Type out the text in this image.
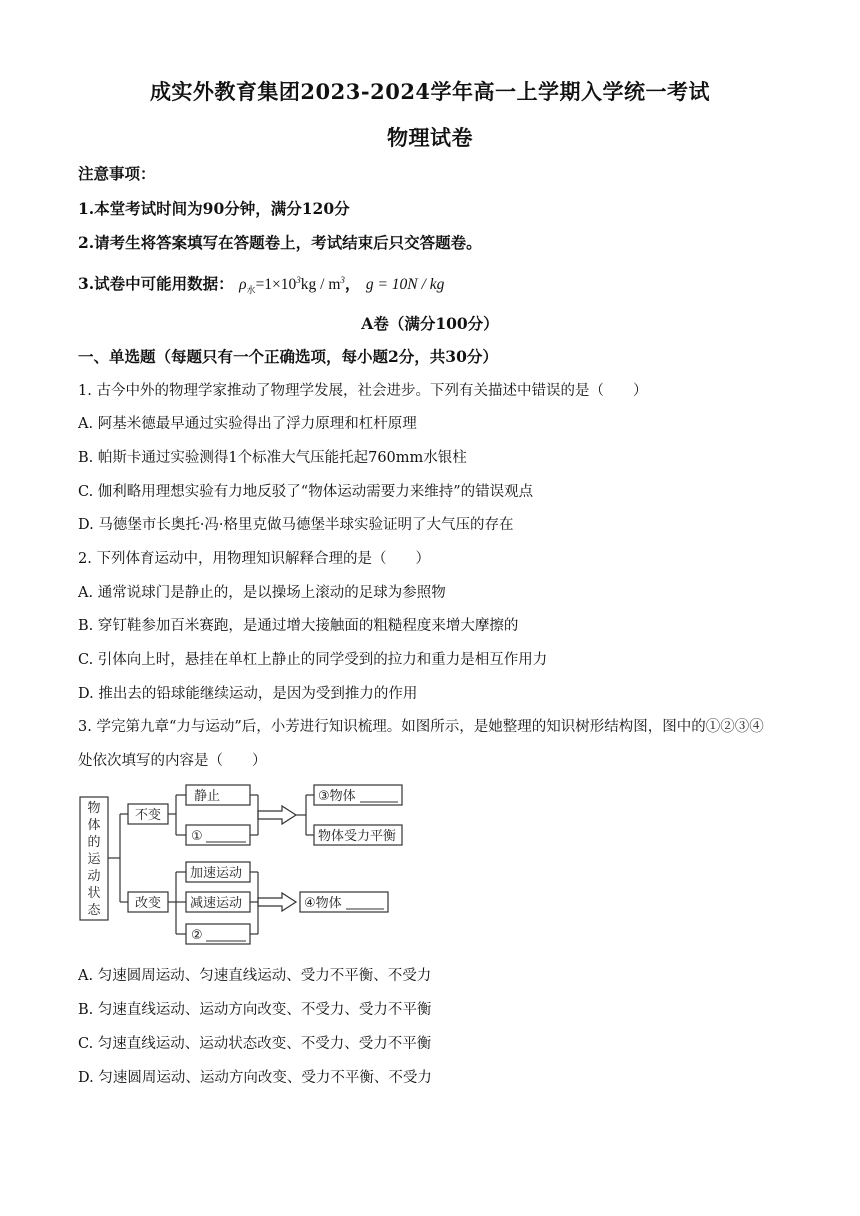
成实外教育集团2023-2024学年高一上学期入学统一考试
物理试卷
注意事项：
1.本堂考试时间为90分钟，满分120分
2.请考生将答案填写在答题卷上，考试结束后只交答题卷。
3.试卷中可能用数据： $\rho_水=1\times 10^3kg / m^3$， g = 10N / kg
A卷（满分100分）
一、单选题（每题只有一个正确选项，每小题2分，共30分）
1. 古今中外的物理学家推动了物理学发展，社会进步。下列有关描述中错误的是（　　）
A. 阿基米德最早通过实验得出了浮力原理和杠杆原理
B. 帕斯卡通过实验测得1个标准大气压能托起760mm水银柱
C. 伽利略用理想实验有力地反驳了“物体运动需要力来维持”的错误观点
D. 马德堡市长奥托·冯·格里克做马德堡半球实验证明了大气压的存在
2. 下列体育运动中，用物理知识解释合理的是（　　）
A. 通常说球门是静止的，是以操场上滚动的足球为参照物
B. 穿钉鞋参加百米赛跑，是通过增大接触面的粗糙程度来增大摩擦的
C. 引体向上时，悬挂在单杠上静止的同学受到的拉力和重力是相互作用力
D. 推出去的铅球能继续运动，是因为受到推力的作用
3. 学完第九章“力与运动”后，小芳进行知识梳理。如图所示，是她整理的知识树形结构图，图中的①②③④
处依次填写的内容是（　　）
物
体
的
运
动
状
态
不变
改变
静止
①
加速运动
减速运动
②
③物体
物体受力平衡
④物体
A. 匀速圆周运动、匀速直线运动、受力不平衡、不受力
B. 匀速直线运动、运动方向改变、不受力、受力不平衡
C. 匀速直线运动、运动状态改变、不受力、受力不平衡
D. 匀速圆周运动、运动方向改变、受力不平衡、不受力
